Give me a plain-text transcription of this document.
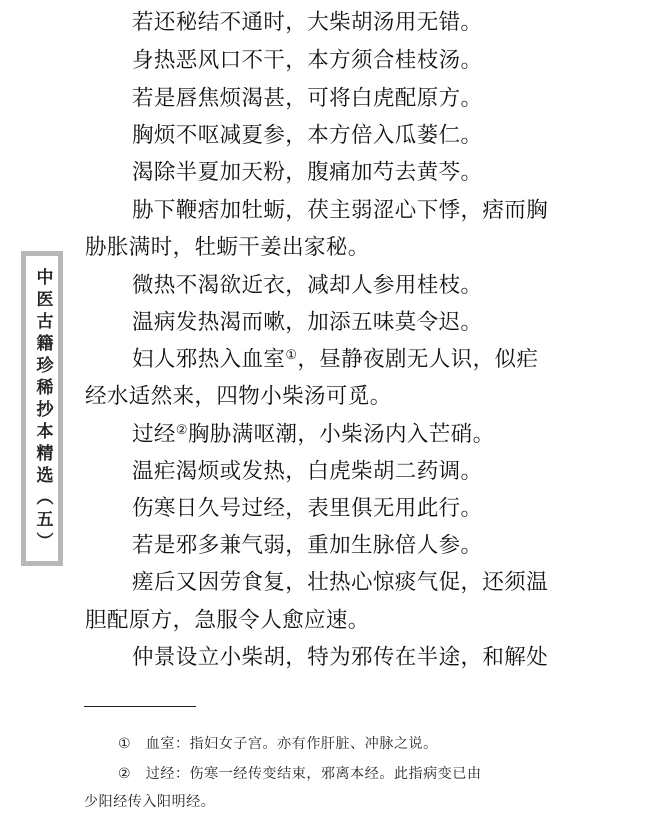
中医古籍珍稀抄本精选（五）
若还秘结不通时，大柴胡汤用无错。
身热恶风口不干，本方须合桂枝汤。
若是唇焦烦渴甚，可将白虎配原方。
胸烦不呕减夏参，本方倍入瓜蒌仁。
渴除半夏加天粉，腹痛加芍去黄芩。
胁下鞭痞加牡蛎，茯主弱涩心下悸，痞而胸
胁胀满时，牡蛎干姜出家秘。
微热不渴欲近衣，减却人参用桂枝。
温病发热渴而嗽，加添五味莫令迟。
妇人邪热入血室①，昼静夜剧无人识，似疟
经水适然来，四物小柴汤可觅。
过经②胸胁满呕潮，小柴汤内入芒硝。
温疟渴烦或发热，白虎柴胡二药调。
伤寒日久号过经，表里俱无用此行。
若是邪多兼气弱，重加生脉倍人参。
瘥后又因劳食复，壮热心惊痰气促，还须温
胆配原方，急服令人愈应速。
仲景设立小柴胡，特为邪传在半途，和解处
①　血室：指妇女子宫。亦有作肝脏、冲脉之说。
②　过经：伤寒一经传变结束，邪离本经。此指病变已由
少阳经传入阳明经。
